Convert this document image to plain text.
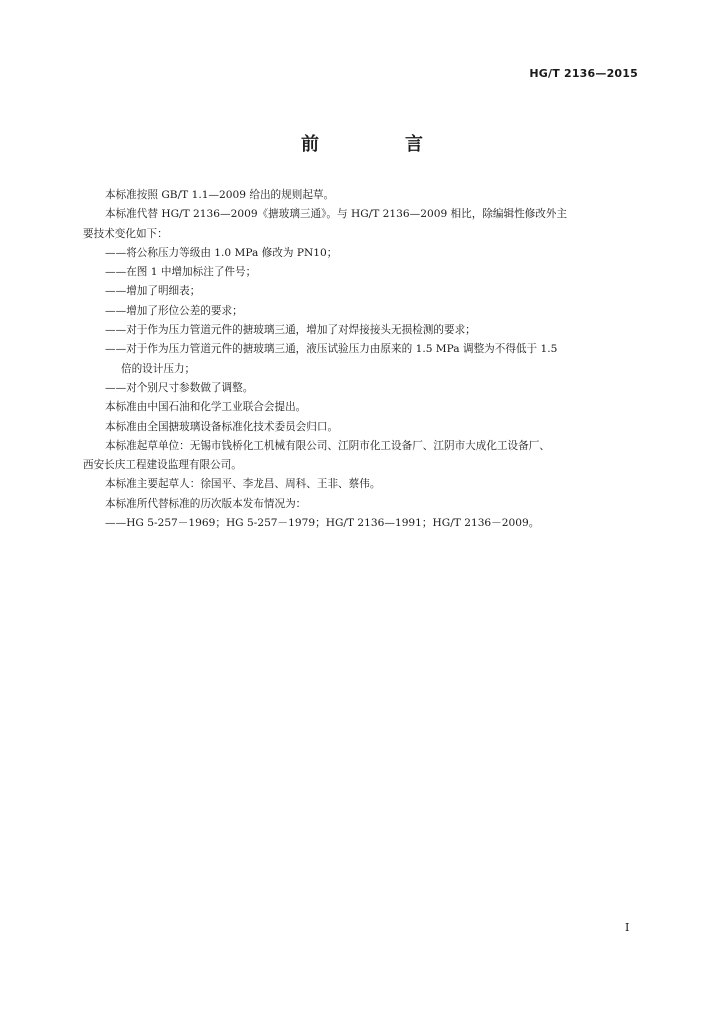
HG/T 2136—2015
前　言

本标准按照 GB/T 1.1—2009 给出的规则起草。

本标准代替 HG/T 2136—2009《搪玻璃三通》。与 HG/T 2136—2009 相比，除编辑性修改外主

要技术变化如下：

——将公称压力等级由 1.0 MPa 修改为 PN10；

——在图 1 中增加标注了件号；

——增加了明细表；

——增加了形位公差的要求；

——对于作为压力管道元件的搪玻璃三通，增加了对焊接接头无损检测的要求；

——对于作为压力管道元件的搪玻璃三通，液压试验压力由原来的 1.5 MPa 调整为不得低于 1.5

倍的设计压力；

——对个别尺寸参数做了调整。

本标准由中国石油和化学工业联合会提出。

本标准由全国搪玻璃设备标准化技术委员会归口。

本标准起草单位：无锡市钱桥化工机械有限公司、江阴市化工设备厂、江阴市大成化工设备厂、

西安长庆工程建设监理有限公司。

本标准主要起草人：徐国平、李龙昌、周科、王非、蔡伟。

本标准所代替标准的历次版本发布情况为：

——HG 5-257－1969；HG 5-257－1979；HG/T 2136—1991；HG/T 2136－2009。

I
